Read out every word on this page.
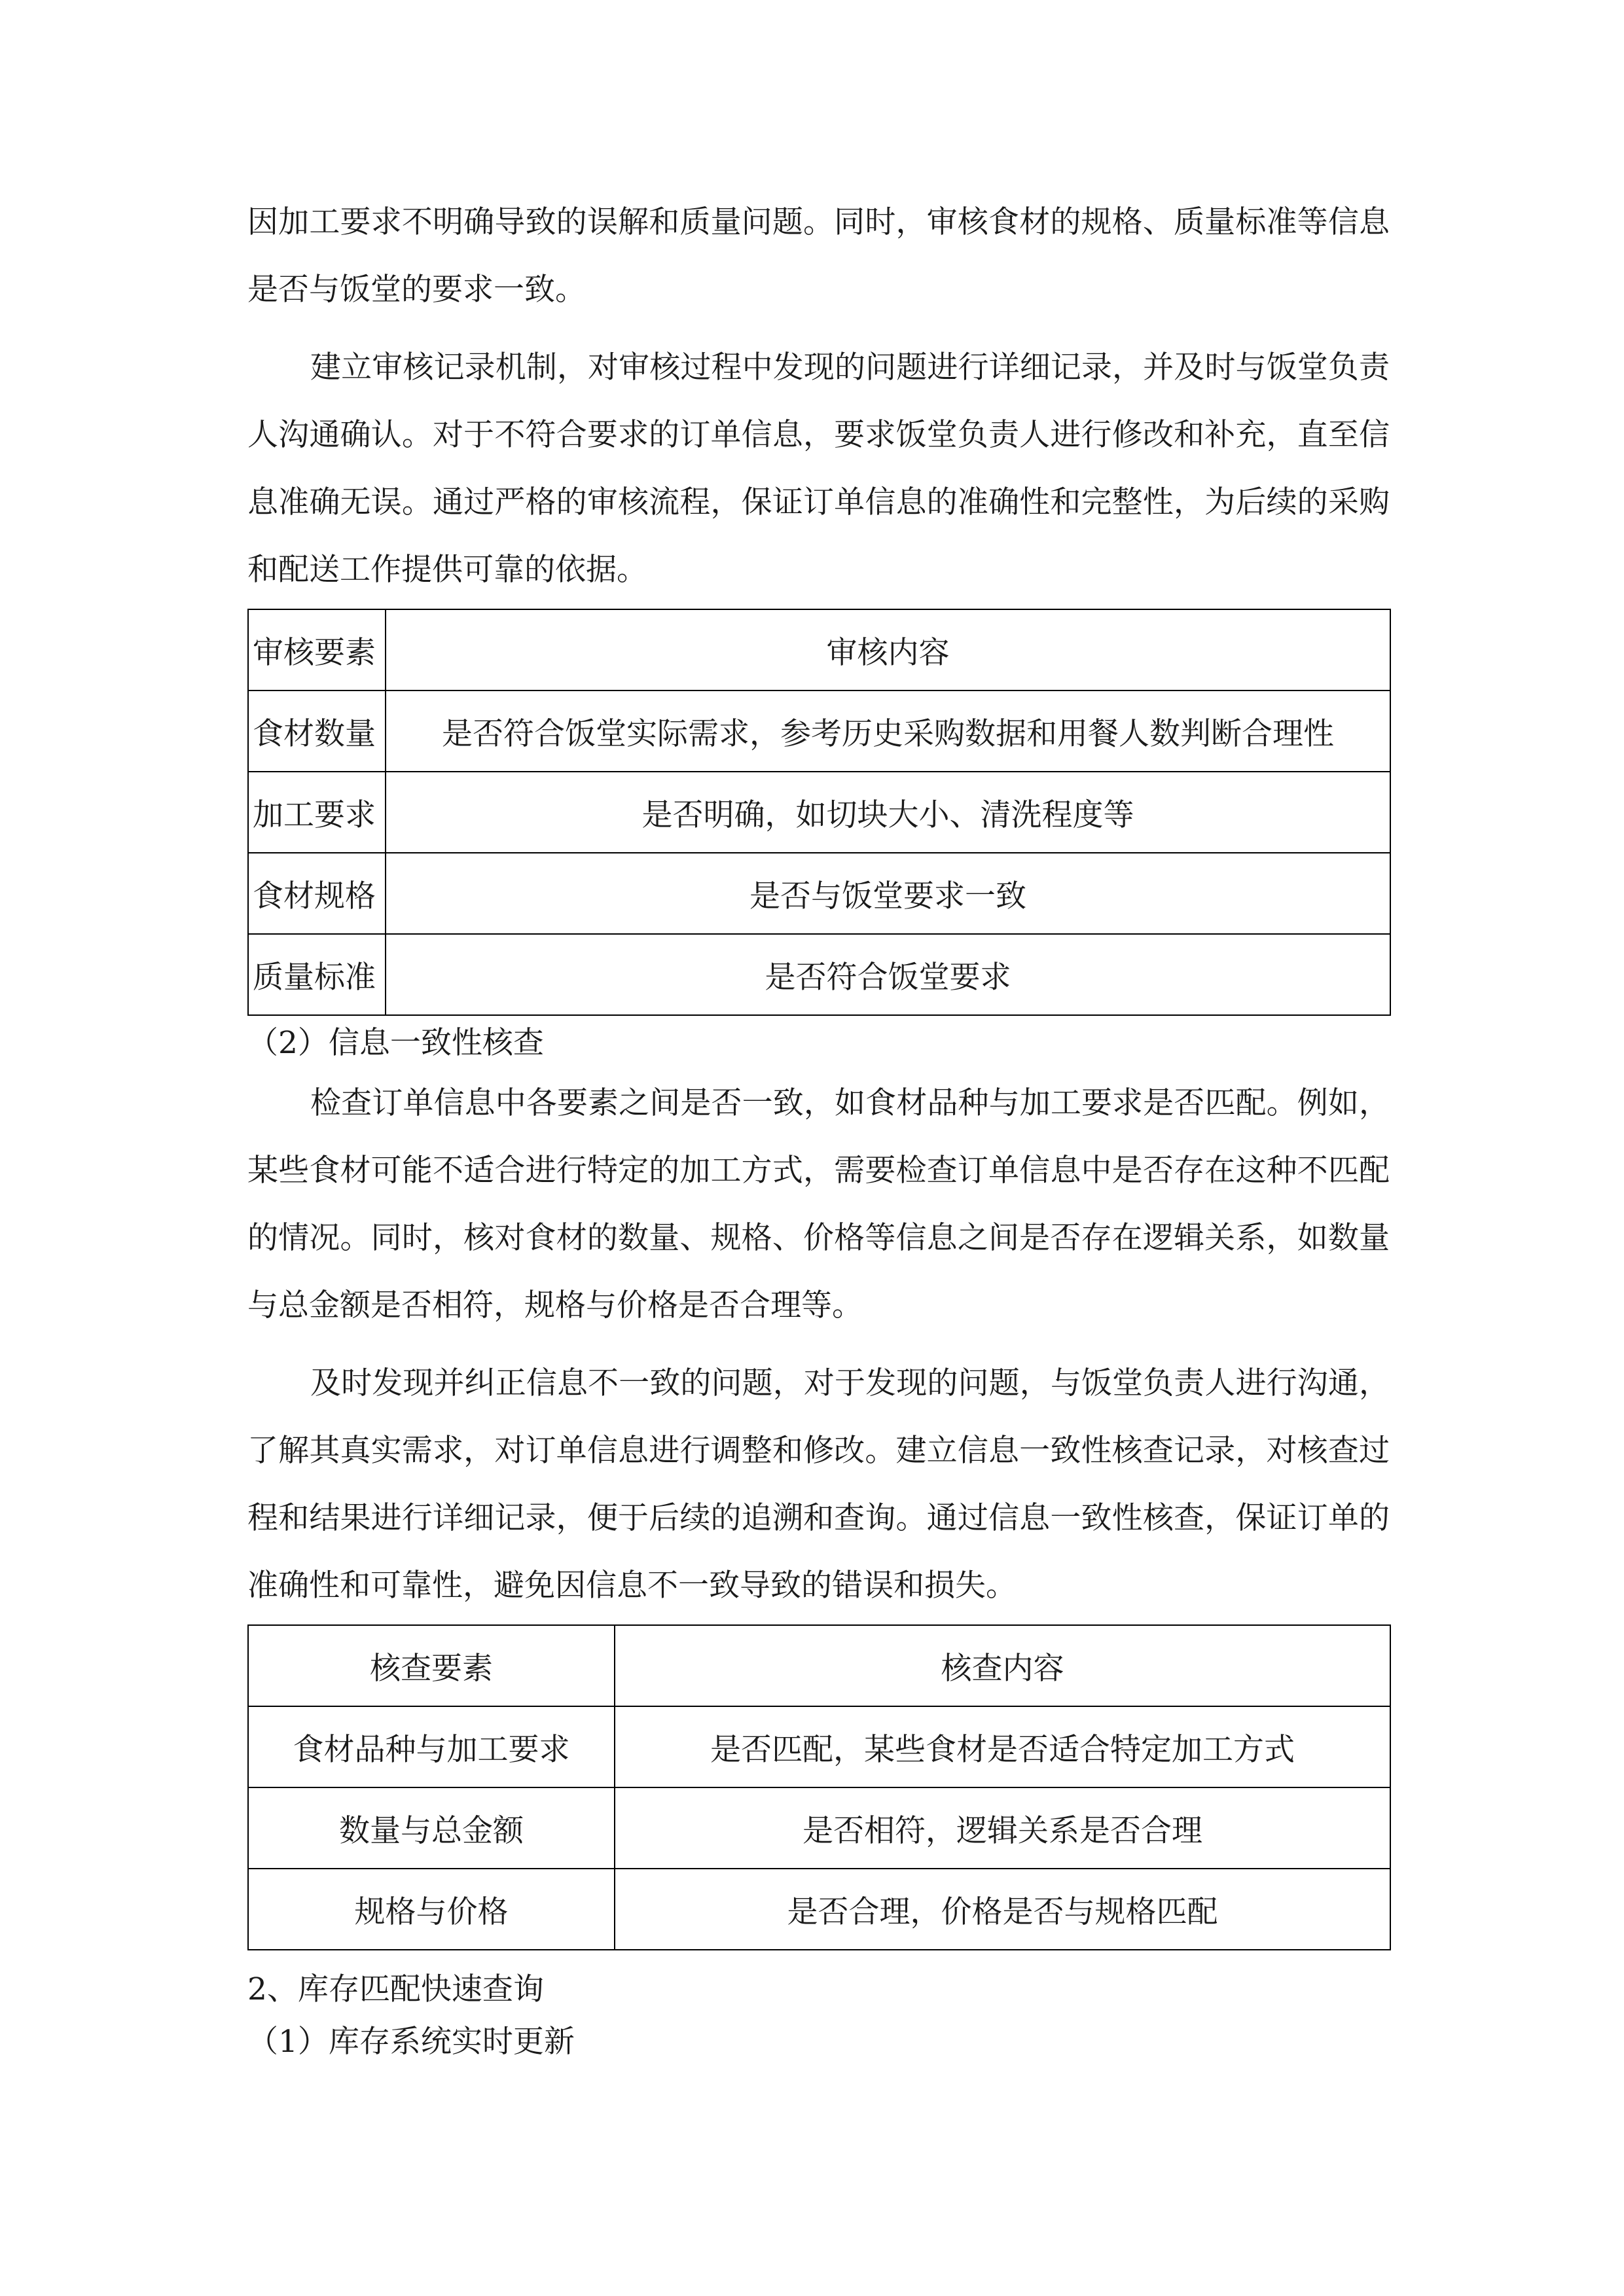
因加工要求不明确导致的误解和质量问题。同时，审核食材的规格、质量标准等信息是否与饭堂的要求一致。

建立审核记录机制，对审核过程中发现的问题进行详细记录，并及时与饭堂负责人沟通确认。对于不符合要求的订单信息，要求饭堂负责人进行修改和补充，直至信息准确无误。通过严格的审核流程，保证订单信息的准确性和完整性，为后续的采购和配送工作提供可靠的依据。

审核要素	审核内容
食材数量	是否符合饭堂实际需求，参考历史采购数据和用餐人数判断合理性
加工要求	是否明确，如切块大小、清洗程度等
食材规格	是否与饭堂要求一致
质量标准	是否符合饭堂要求

（2）信息一致性核查

检查订单信息中各要素之间是否一致，如食材品种与加工要求是否匹配。例如，某些食材可能不适合进行特定的加工方式，需要检查订单信息中是否存在这种不匹配的情况。同时，核对食材的数量、规格、价格等信息之间是否存在逻辑关系，如数量与总金额是否相符，规格与价格是否合理等。

及时发现并纠正信息不一致的问题，对于发现的问题，与饭堂负责人进行沟通，了解其真实需求，对订单信息进行调整和修改。建立信息一致性核查记录，对核查过程和结果进行详细记录，便于后续的追溯和查询。通过信息一致性核查，保证订单的准确性和可靠性，避免因信息不一致导致的错误和损失。

核查要素	核查内容
食材品种与加工要求	是否匹配，某些食材是否适合特定加工方式
数量与总金额	是否相符，逻辑关系是否合理
规格与价格	是否合理，价格是否与规格匹配

2、库存匹配快速查询

（1）库存系统实时更新
